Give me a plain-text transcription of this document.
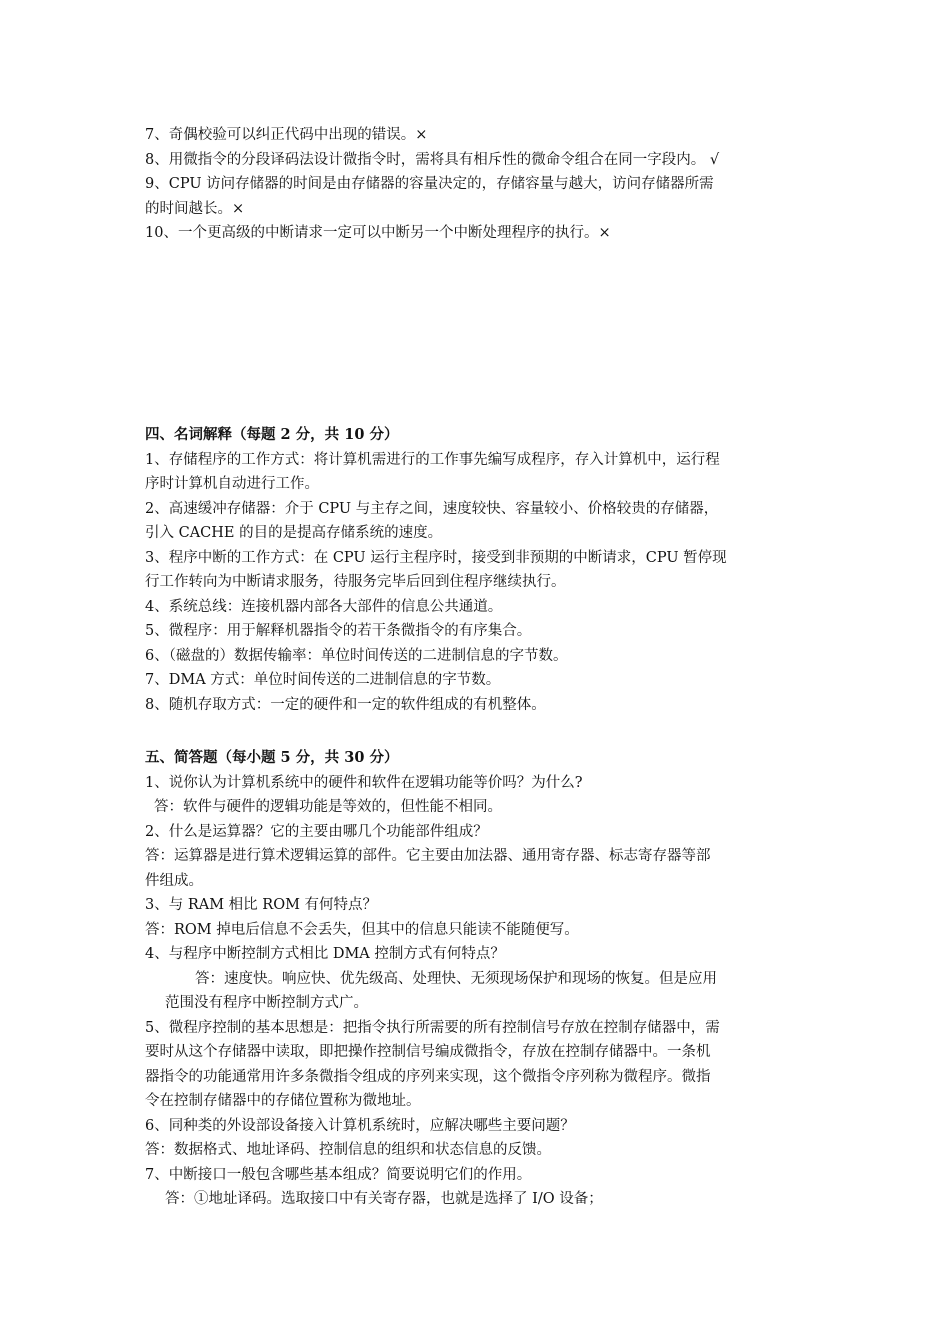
7、奇偶校验可以纠正代码中出现的错误。×
8、用微指令的分段译码法设计微指令时，需将具有相斥性的微命令组合在同一字段内。 √
9、CPU 访问存储器的时间是由存储器的容量决定的，存储容量与越大，访问存储器所需
的时间越长。×
10、一个更高级的中断请求一定可以中断另一个中断处理程序的执行。×
四、名词解释（每题 2 分，共 10 分）
1、存储程序的工作方式：将计算机需进行的工作事先编写成程序，存入计算机中，运行程
序时计算机自动进行工作。
2、高速缓冲存储器：介于 CPU 与主存之间，速度较快、容量较小、价格较贵的存储器，
引入 CACHE 的目的是提高存储系统的速度。
3、程序中断的工作方式：在 CPU 运行主程序时，接受到非预期的中断请求，CPU 暂停现
行工作转向为中断请求服务，待服务完毕后回到住程序继续执行。
4、系统总线：连接机器内部各大部件的信息公共通道。
5、微程序：用于解释机器指令的若干条微指令的有序集合。
6、（磁盘的）数据传输率：单位时间传送的二进制信息的字节数。
7、DMA 方式：单位时间传送的二进制信息的字节数。
8、随机存取方式：一定的硬件和一定的软件组成的有机整体。
五、简答题（每小题 5 分，共 30 分）
1、说你认为计算机系统中的硬件和软件在逻辑功能等价吗？为什么?
答：软件与硬件的逻辑功能是等效的，但性能不相同。
2、什么是运算器？它的主要由哪几个功能部件组成？
答：运算器是进行算术逻辑运算的部件。它主要由加法器、通用寄存器、标志寄存器等部
件组成。
3、与 RAM 相比 ROM 有何特点？
答：ROM 掉电后信息不会丢失，但其中的信息只能读不能随便写。
4、与程序中断控制方式相比 DMA 控制方式有何特点？
答：速度快。响应快、优先级高、处理快、无须现场保护和现场的恢复。但是应用
范围没有程序中断控制方式广。
5、微程序控制的基本思想是：把指令执行所需要的所有控制信号存放在控制存储器中，需
要时从这个存储器中读取，即把操作控制信号编成微指令，存放在控制存储器中。一条机
器指令的功能通常用许多条微指令组成的序列来实现，这个微指令序列称为微程序。微指
令在控制存储器中的存储位置称为微地址。
6、同种类的外设部设备接入计算机系统时，应解决哪些主要问题？
答：数据格式、地址译码、控制信息的组织和状态信息的反馈。
7、中断接口一般包含哪些基本组成？简要说明它们的作用。
答：①地址译码。选取接口中有关寄存器，也就是选择了 I/O 设备；
